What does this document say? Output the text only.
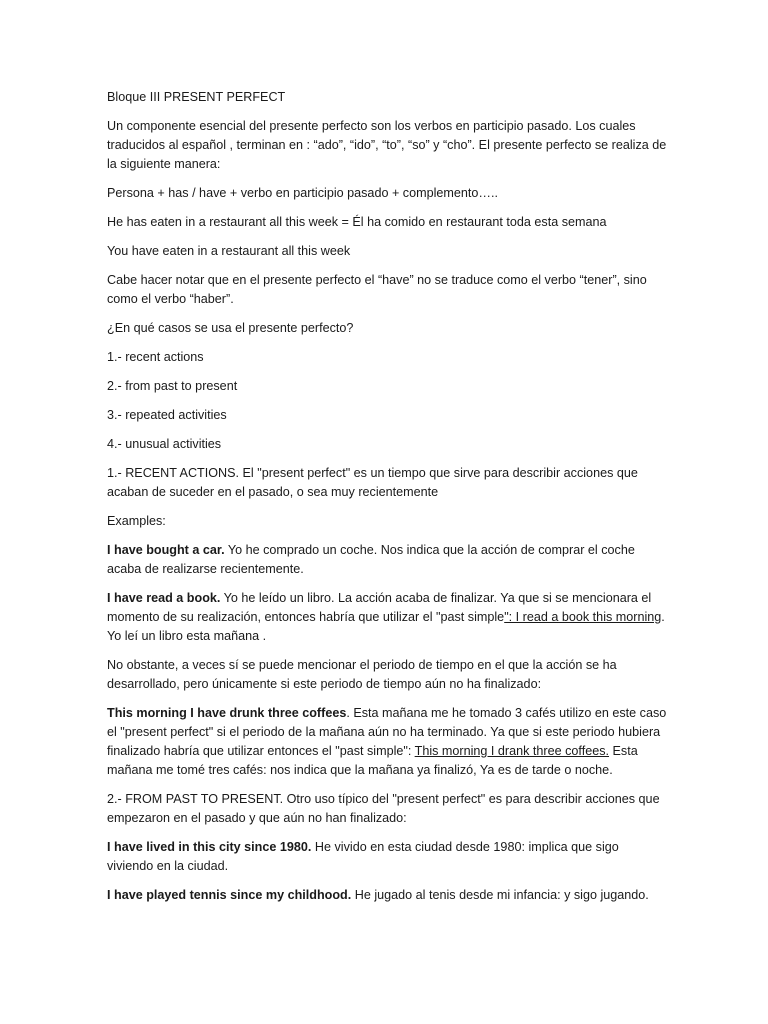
Bloque III PRESENT PERFECT

Un componente esencial del presente perfecto son los verbos en participio pasado. Los cuales traducidos al español , terminan en : “ado”, “ido”, “to”, “so” y “cho”. El presente perfecto se realiza de la siguiente manera:

Persona + has / have + verbo en participio pasado + complemento…..

He has eaten in a restaurant all this week = Él ha comido en restaurant toda esta semana

You have eaten in a restaurant all this week

Cabe hacer notar que en el presente perfecto el “have” no se traduce como el verbo “tener”, sino como el verbo “haber”.

¿En qué casos se usa el presente perfecto?

1.- recent actions

2.- from past to present

3.- repeated activities

4.- unusual activities

1.- RECENT ACTIONS. El "present perfect" es un tiempo que sirve para describir acciones que acaban de suceder en el pasado, o sea muy recientemente

Examples:

I have bought a car. Yo he comprado un coche. Nos indica que la acción de comprar el coche acaba de realizarse recientemente.

I have read a book. Yo he leído un libro. La acción acaba de finalizar. Ya que si se mencionara el momento de su realización, entonces habría que utilizar el "past simple": I read a book this morning. Yo leí un libro esta mañana .

No obstante, a veces sí se puede mencionar el periodo de tiempo en el que la acción se ha desarrollado, pero únicamente si este periodo de tiempo aún no ha finalizado:

This morning I have drunk three coffees. Esta mañana me he tomado 3 cafés utilizo en este caso el "present perfect" si el periodo de la mañana aún no ha terminado. Ya que si este periodo hubiera finalizado habría que utilizar entonces el "past simple": This morning I drank three coffees. Esta mañana me tomé tres cafés: nos indica que la mañana ya finalizó, Ya es de tarde o noche.

2.- FROM PAST TO PRESENT. Otro uso típico del "present perfect" es para describir acciones que empezaron en el pasado y que aún no han finalizado:

I have lived in this city since 1980. He vivido en esta ciudad desde 1980: implica que sigo viviendo en la ciudad.

I have played tennis since my childhood. He jugado al tenis desde mi infancia: y sigo jugando.
